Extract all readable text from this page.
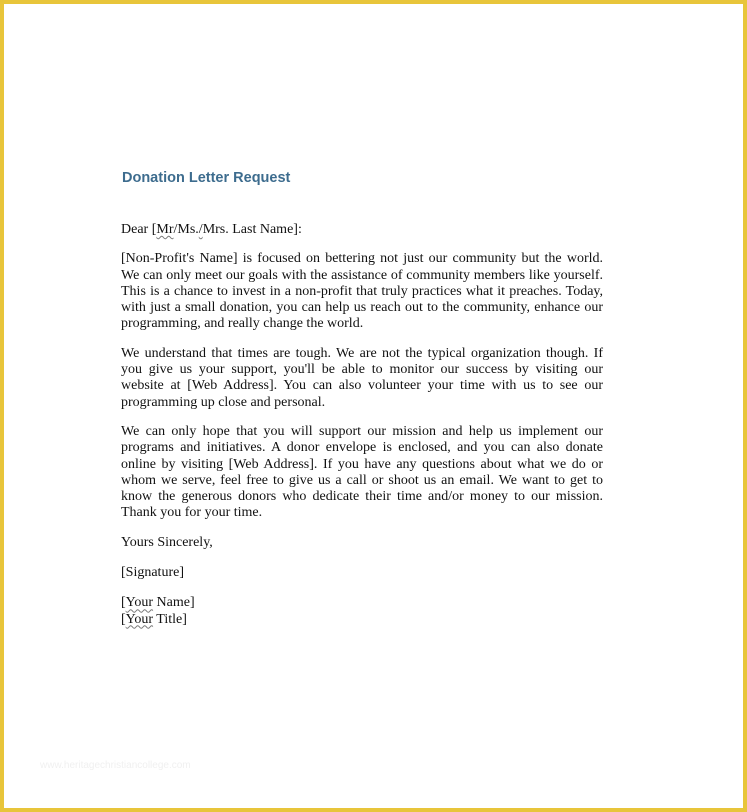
Donation Letter Request

Dear [Mr/Ms./Mrs. Last Name]:

[Non-Profit's Name] is focused on bettering not just our community but the world. We can only meet our goals with the assistance of community members like yourself. This is a chance to invest in a non-profit that truly practices what it preaches. Today, with just a small donation, you can help us reach out to the community, enhance our programming, and really change the world.

We understand that times are tough. We are not the typical organization though. If you give us your support, you'll be able to monitor our success by visiting our website at [Web Address]. You can also volunteer your time with us to see our programming up close and personal.

We can only hope that you will support our mission and help us implement our programs and initiatives. A donor envelope is enclosed, and you can also donate online by visiting [Web Address]. If you have any questions about what we do or whom we serve, feel free to give us a call or shoot us an email. We want to get to know the generous donors who dedicate their time and/or money to our mission. Thank you for your time.

Yours Sincerely,

[Signature]

[Your Name]

[Your Title]

www.heritagechristiancollege.com
